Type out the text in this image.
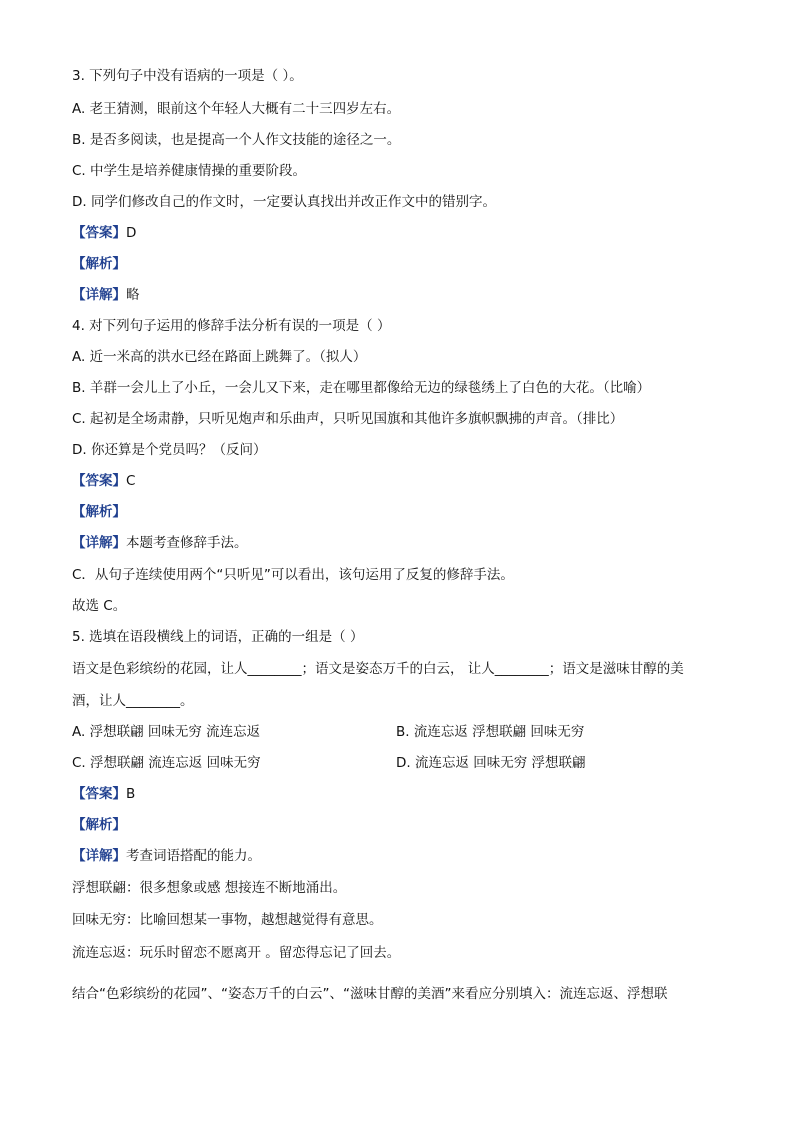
3. 下列句子中没有语病的一项是（ ）。
A. 老王猜测，眼前这个年轻人大概有二十三四岁左右。
B. 是否多阅读，也是提高一个人作文技能的途径之一。
C. 中学生是培养健康情操的重要阶段。
D. 同学们修改自己的作文时，一定要认真找出并改正作文中的错别字。
【答案】D
【解析】
【详解】略
4. 对下列句子运用的修辞手法分析有误的一项是（ ）
A. 近一米高的洪水已经在路面上跳舞了。（拟人）
B. 羊群一会儿上了小丘，一会儿又下来，走在哪里都像给无边的绿毯绣上了白色的大花。（比喻）
C. 起初是全场肃静，只听见炮声和乐曲声，只听见国旗和其他许多旗帜飘拂的声音。（排比）
D. 你还算是个党员吗？（反问）
【答案】C
【解析】
【详解】本题考查修辞手法。
C．从句子连续使用两个“只听见”可以看出，该句运用了反复的修辞手法。
故选 C。
5. 选填在语段横线上的词语，正确的一组是（ ）
语文是色彩缤纷的花园，让人________；语文是姿态万千的白云， 让人________；语文是滋味甘醇的美
酒，让人________。
A. 浮想联翩 回味无穷 流连忘返	B. 流连忘返 浮想联翩 回味无穷
C. 浮想联翩 流连忘返 回味无穷	D. 流连忘返 回味无穷 浮想联翩
【答案】B
【解析】
【详解】考查词语搭配的能力。
浮想联翩：很多想象或感 想接连不断地涌出。
回味无穷：比喻回想某一事物，越想越觉得有意思。
流连忘返：玩乐时留恋不愿离开 。留恋得忘记了回去。
结合“色彩缤纷的花园”、“姿态万千的白云”、“滋味甘醇的美酒”来看应分别填入：流连忘返、浮想联
